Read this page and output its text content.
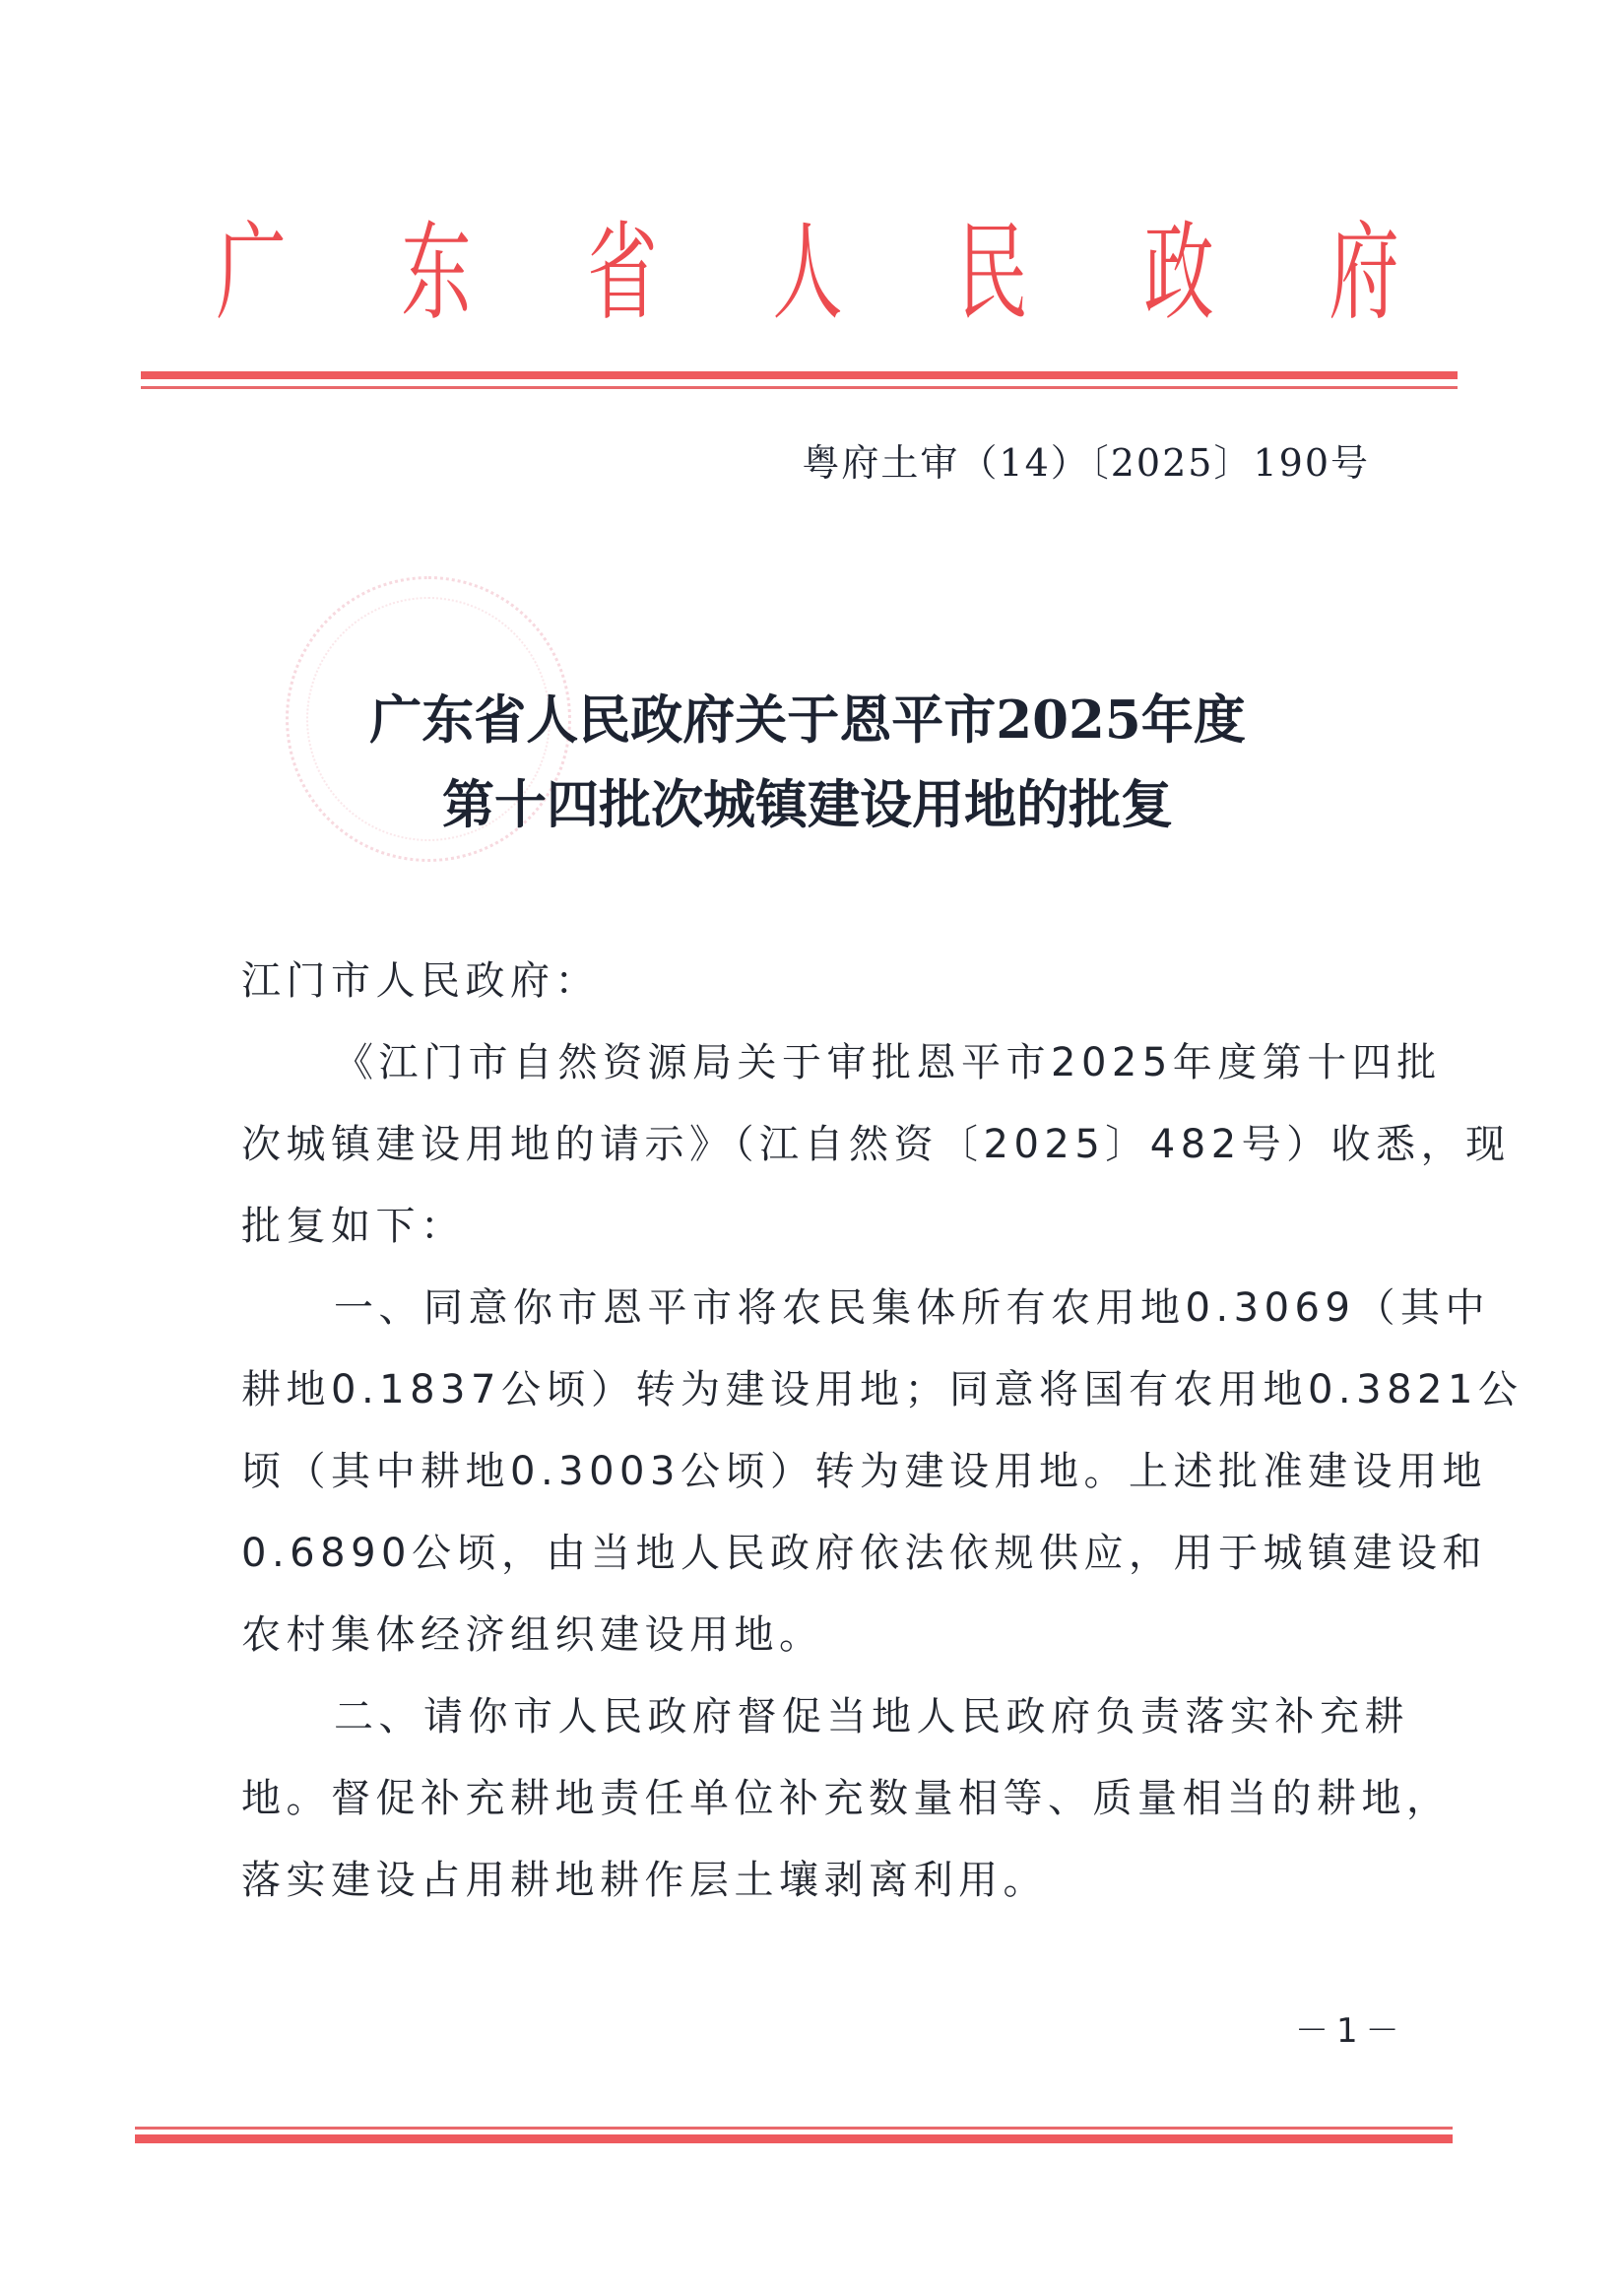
广 东 省 人 民 政 府
粤府土审（14）〔2025〕190号
广东省人民政府关于恩平市2025年度
第十四批次城镇建设用地的批复

江门市人民政府：

《江门市自然资源局关于审批恩平市2025年度第十四批
次城镇建设用地的请示》（江自然资〔2025〕482号）收悉，现
批复如下：
一、同意你市恩平市将农民集体所有农用地0.3069（其中
耕地0.1837公顷）转为建设用地；同意将国有农用地0.3821公
顷（其中耕地0.3003公顷）转为建设用地。上述批准建设用地
0.6890公顷，由当地人民政府依法依规供应，用于城镇建设和
农村集体经济组织建设用地。
二、请你市人民政府督促当地人民政府负责落实补充耕
地。督促补充耕地责任单位补充数量相等、质量相当的耕地，
落实建设占用耕地耕作层土壤剥离利用。
－1－
